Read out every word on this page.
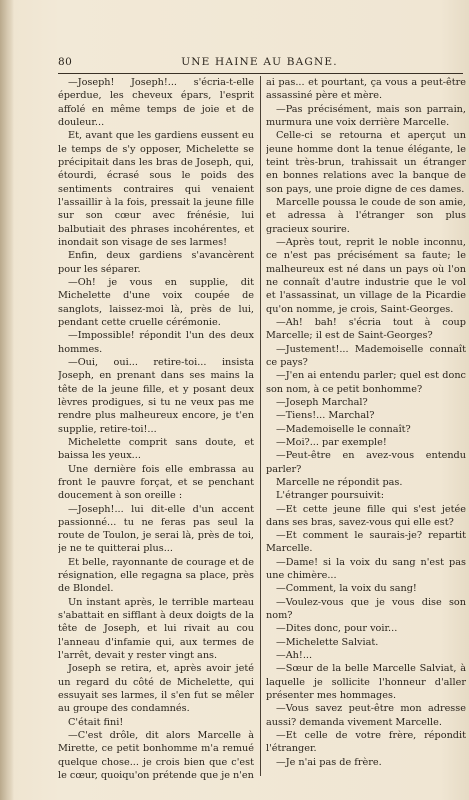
80	UNE HAINE AU BAGNE.

—Joseph! Joseph!... s'écria-t-elle éperdue, les cheveux épars, l'esprit affolé en même temps de joie et de douleur...

Et, avant que les gardiens eussent eu le temps de s'y opposer, Michelette se précipitait dans les bras de Joseph, qui, étourdi, écrasé sous le poids des sentiments contraires qui venaient l'assaillir à la fois, pressait la jeune fille sur son cœur avec frénésie, lui balbutiait des phrases incohérentes, et inondait son visage de ses larmes!

Enfin, deux gardiens s'avancèrent pour les séparer.

—Oh! je vous en supplie, dit Michelette d'une voix coupée de sanglots, laissez-moi là, près de lui, pendant cette cruelle cérémonie.

—Impossible! répondit l'un des deux hommes.

—Oui, oui... retire-toi... insista Joseph, en prenant dans ses mains la tête de la jeune fille, et y posant deux lèvres prodigues, si tu ne veux pas me rendre plus malheureux encore, je t'en supplie, retire-toi!...

Michelette comprit sans doute, et baissa les yeux...

Une dernière fois elle embrassa au front le pauvre forçat, et se penchant doucement à son oreille :

—Joseph!... lui dit-elle d'un accent passionné... tu ne feras pas seul la route de Toulon, je serai là, près de toi, je ne te quitterai plus...

Et belle, rayonnante de courage et de résignation, elle regagna sa place, près de Blondel.

Un instant après, le terrible marteau s'abattait en sifflant à deux doigts de la tête de Joseph, et lui rivait au cou l'anneau d'infamie qui, aux termes de l'arrêt, devait y rester vingt ans.

Joseph se retira, et, après avoir jeté un regard du côté de Michelette, qui essuyait ses larmes, il s'en fut se mêler au groupe des condamnés.

C'était fini!

—C'est drôle, dit alors Marcelle à Mirette, ce petit bonhomme m'a remué quelque chose... je crois bien que c'est le cœur, quoiqu'on prétende que je n'en

ai pas... et pourtant, ça vous a peut-être assassiné père et mère.

—Pas précisément, mais son parrain, murmura une voix derrière Marcelle.

Celle-ci se retourna et aperçut un jeune homme dont la tenue élégante, le teint très-brun, trahissait un étranger en bonnes relations avec la banque de son pays, une proie digne de ces dames.

Marcelle poussa le coude de son amie, et adressa à l'étranger son plus gracieux sourire.

—Après tout, reprit le noble inconnu, ce n'est pas précisément sa faute; le malheureux est né dans un pays où l'on ne connaît d'autre industrie que le vol et l'assassinat, un village de la Picardie qu'on nomme, je crois, Saint-Georges.

—Ah! bah! s'écria tout à coup Marcelle; il est de Saint-Georges?

—Justement!... Mademoiselle connaît ce pays?

—J'en ai entendu parler; quel est donc son nom, à ce petit bonhomme?

—Joseph Marchal?

—Tiens!... Marchal?

—Mademoiselle le connaît?

—Moi?... par exemple!

—Peut-être en avez-vous entendu parler?

Marcelle ne répondit pas.

L'étranger poursuivit:

—Et cette jeune fille qui s'est jetée dans ses bras, savez-vous qui elle est?

—Et comment le saurais-je? repartit Marcelle.

—Dame! si la voix du sang n'est pas une chimère...

—Comment, la voix du sang!

—Voulez-vous que je vous dise son nom?

—Dites donc, pour voir...

—Michelette Salviat.

—Ah!...

—Sœur de la belle Marcelle Salviat, à laquelle je sollicite l'honneur d'aller présenter mes hommages.

—Vous savez peut-être mon adresse aussi? demanda vivement Marcelle.

—Et celle de votre frère, répondit l'étranger.

—Je n'ai pas de frère.
